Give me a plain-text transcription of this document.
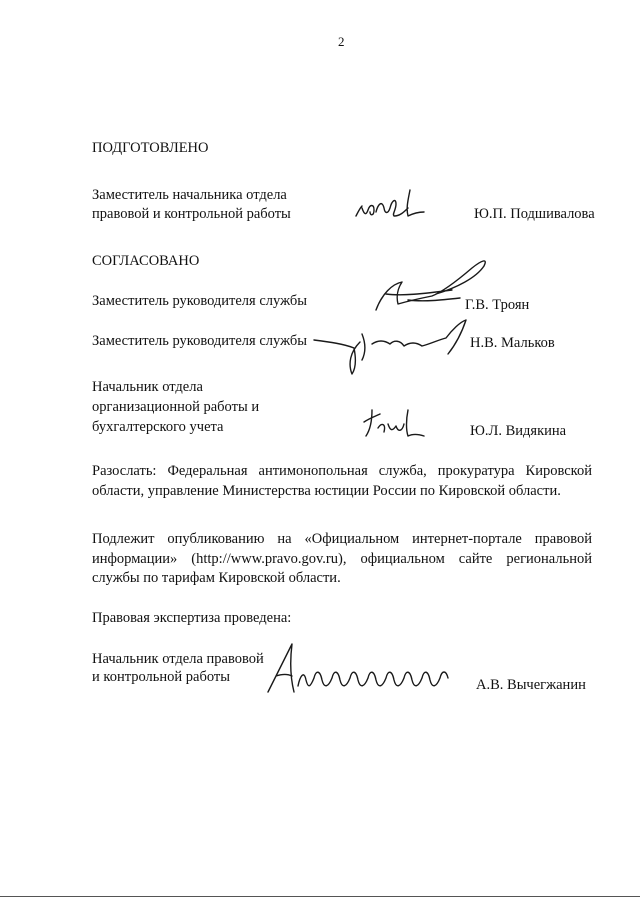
2
ПОДГОТОВЛЕНО
Заместитель начальника отдела
правовой и контрольной работы	Ю.П. Подшивалова
СОГЛАСОВАНО
Заместитель руководителя службы	Г.В. Троян
Заместитель руководителя службы	Н.В. Мальков
Начальник отдела
организационной работы и
бухгалтерского учета	Ю.Л. Видякина
Разослать: Федеральная антимонопольная служба, прокуратура Кировской области, управление Министерства юстиции России по Кировской области.
Подлежит опубликованию на «Официальном интернет-портале правовой информации» (http://www.pravo.gov.ru), официальном сайте региональной службы по тарифам Кировской области.
Правовая экспертиза проведена:
Начальник отдела правовой
и контрольной работы	А.В. Вычегжанин
